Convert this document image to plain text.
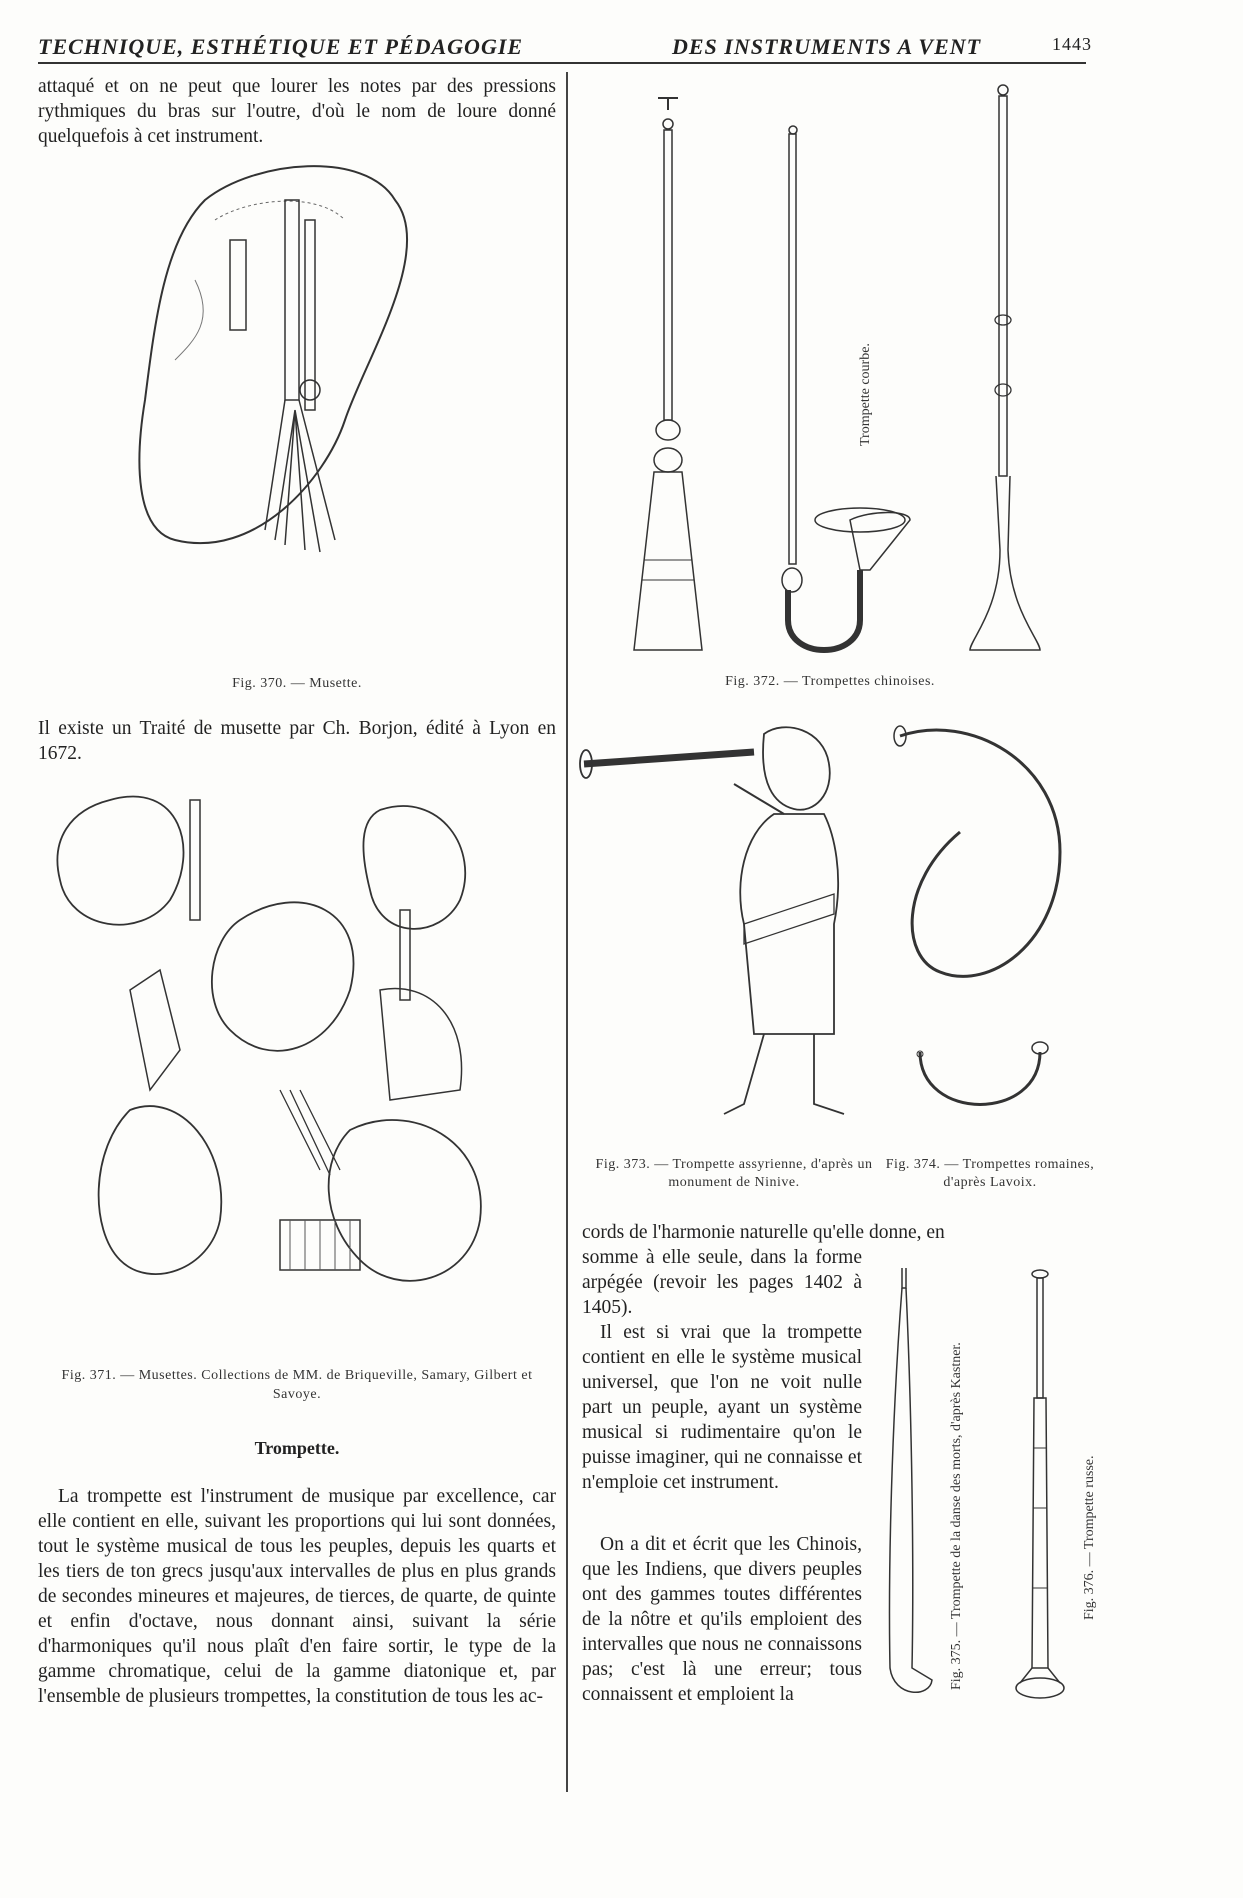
TECHNIQUE, ESTHÉTIQUE ET PÉDAGOGIE	DES INSTRUMENTS A VENT	1443
attaqué et on ne peut que lourer les notes par des pressions rythmiques du bras sur l'outre, d'où le nom de loure donné quelquefois à cet instrument.
Fig. 370. — Musette.
Il existe un Traité de musette par Ch. Borjon, édité à Lyon en 1672.
Fig. 371. — Musettes. Collections de MM. de Briqueville, Samary, Gilbert et Savoye.
Trompette.
La trompette est l'instrument de musique par excellence, car elle contient en elle, suivant les proportions qui lui sont données, tout le système musical de tous les peuples, depuis les quarts et les tiers de ton grecs jusqu'aux intervalles de plus en plus grands de secondes mineures et majeures, de tierces, de quarte, de quinte et enfin d'octave, nous donnant ainsi, suivant la série d'harmoniques qu'il nous plaît d'en faire sortir, le type de la gamme chromatique, celui de la gamme diatonique et, par l'ensemble de plusieurs trompettes, la constitution de tous les ac-
Trompette courbe.
Fig. 372. — Trompettes chinoises.
Fig. 373. — Trompette assyrienne, d'après un monument de Ninive.
Fig. 374. — Trompettes romaines, d'après Lavoix.
cords de l'harmonie naturelle qu'elle donne, en
somme à elle seule, dans la forme arpégée (revoir les pages 1402 à 1405).
Il est si vrai que la trompette contient en elle le système musical universel, que l'on ne voit nulle part un peuple, ayant un système musical si rudimentaire qu'on le puisse imaginer, qui ne connaisse et n'emploie cet instrument.
On a dit et écrit que les Chinois, que les Indiens, que divers peuples ont des gammes toutes différentes de la nôtre et qu'ils emploient des intervalles que nous ne connaissons pas; c'est là une erreur; tous connaissent et emploient la
Fig. 375. — Trompette de la danse des morts, d'après Kastner.	Fig. 376. — Trompette russe.
